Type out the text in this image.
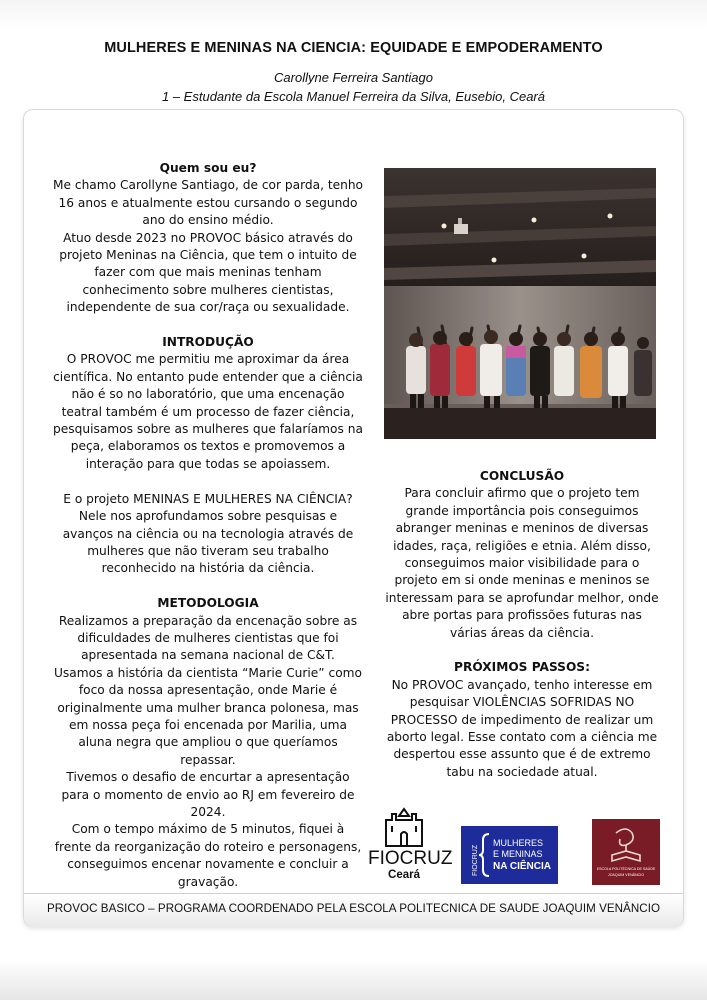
MULHERES E MENINAS NA CIENCIA: EQUIDADE E EMPODERAMENTO
Carollyne Ferreira Santiago
1 – Estudante da Escola Manuel Ferreira da Silva, Eusebio, Ceará
Quem sou eu?

Me chamo Carollyne Santiago, de cor parda, tenho 16 anos e atualmente estou cursando o segundo ano do ensino médio.

Atuo desde 2023 no PROVOC básico através do projeto Meninas na Ciência, que tem o intuito de fazer com que mais meninas tenham conhecimento sobre mulheres cientistas, independente de sua cor/raça ou sexualidade.

INTRODUÇÃO

O PROVOC me permitiu me aproximar da área científica. No entanto pude entender que a ciência não é so no laboratório, que uma encenação teatral também é um processo de fazer ciência, pesquisamos sobre as mulheres que falaríamos na peça, elaboramos os textos e promovemos a interação para que todas se apoiassem.

E o projeto MENINAS E MULHERES NA CIÊNCIA? Nele nos aprofundamos sobre pesquisas e avanços na ciência ou na tecnologia através de mulheres que não tiveram seu trabalho reconhecido na história da ciência.

METODOLOGIA

Realizamos a preparação da encenação sobre as dificuldades de mulheres cientistas que foi apresentada na semana nacional de C&T.

Usamos a história da cientista “Marie Curie” como foco da nossa apresentação, onde Marie é originalmente uma mulher branca polonesa, mas em nossa peça foi encenada por Marilia, uma aluna negra que ampliou o que queríamos repassar.

Tivemos o desafio de encurtar a apresentação para o momento de envio ao RJ em fevereiro de 2024.

Com o tempo máximo de 5 minutos, fiquei à frente da reorganização do roteiro e personagens, conseguimos encenar novamente e concluir a gravação.

CONCLUSÃO

Para concluir afirmo que o projeto tem grande importância pois conseguimos abranger meninas e meninos de diversas idades, raça, religiões e etnia. Além disso, conseguimos maior visibilidade para o projeto em si onde meninas e meninos se interessam para se aprofundar melhor, onde abre portas para profissões futuras nas várias áreas da ciência.

PRÓXIMOS PASSOS:

No PROVOC avançado, tenho interesse em pesquisar VIOLÊNCIAS SOFRIDAS NO PROCESSO de impedimento de realizar um aborto legal. Esse contato com a ciência me despertou esse assunto que é de extremo tabu na sociedade atual.

FIOCRUZ
Ceará	FIOCRUZ
MULHERES
E MENINAS
NA CIÊNCIA	ESCOLA POLITÉCNICA DE SAÚDE
JOAQUIM VENÂNCIO
PROVOC BASICO – PROGRAMA COORDENADO PELA ESCOLA POLITECNICA DE SAUDE JOAQUIM VENÂNCIO
